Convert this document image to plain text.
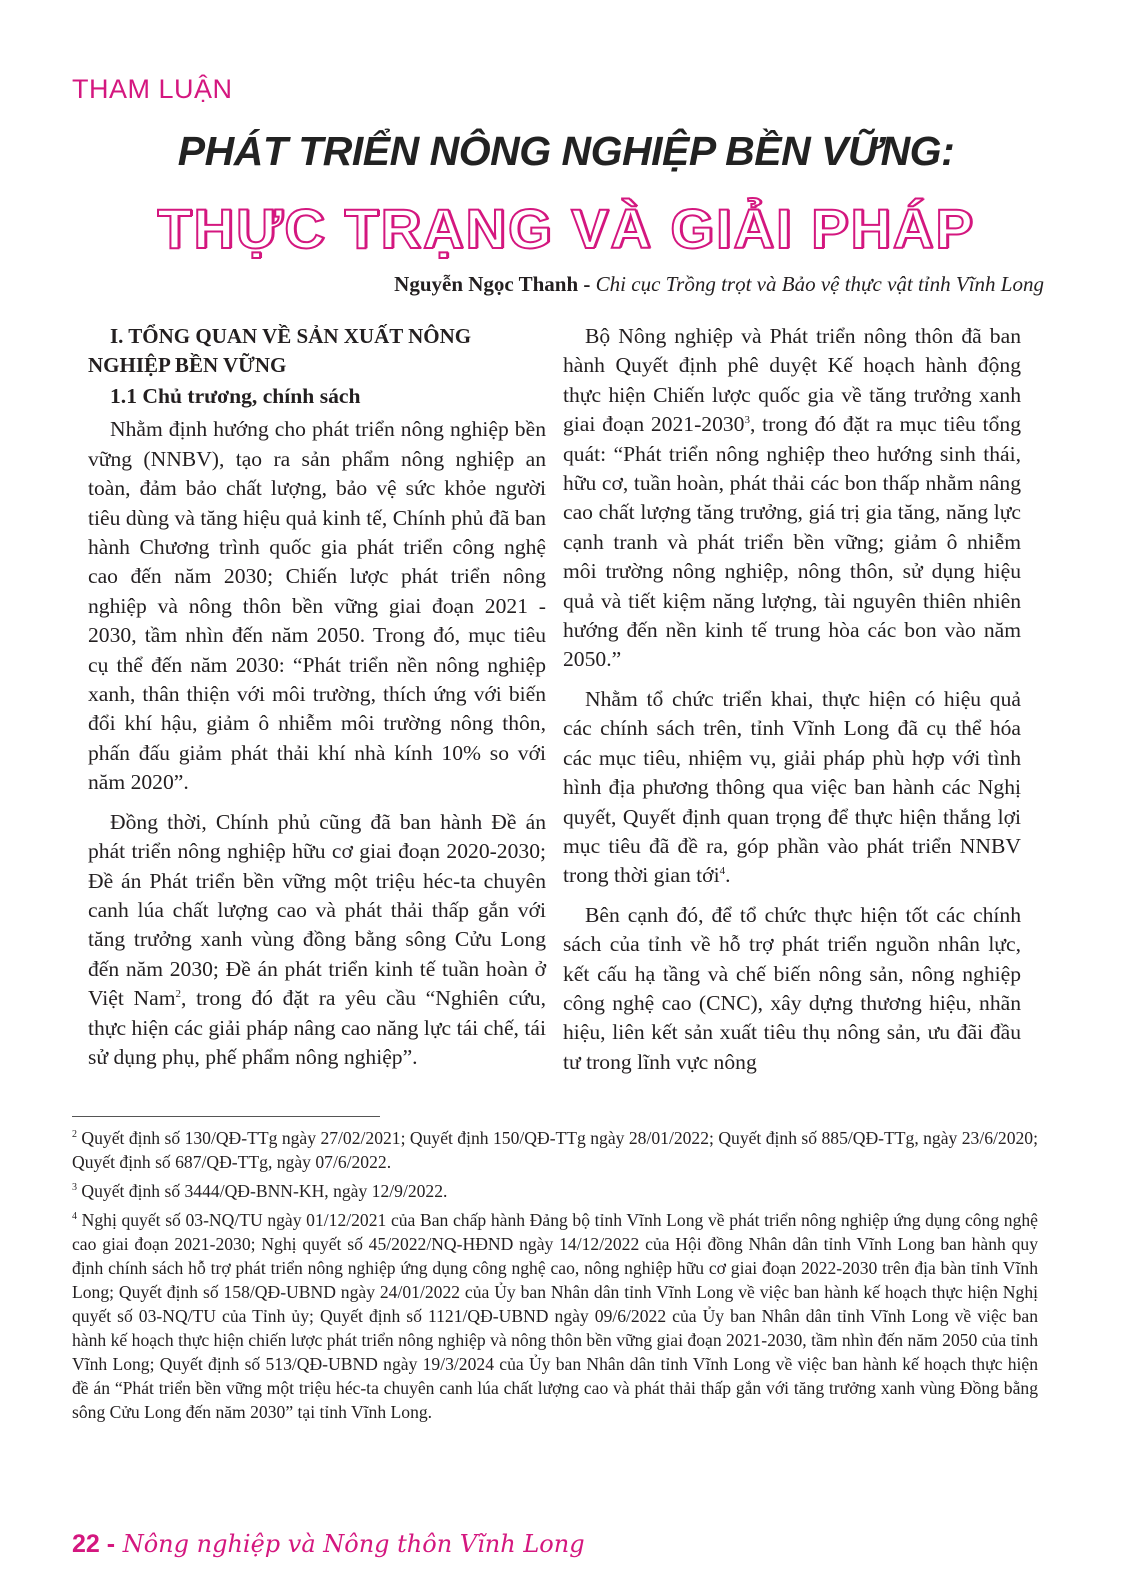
THAM LUẬN
PHÁT TRIỂN NÔNG NGHIỆP BỀN VỮNG:
THỰC TRẠNG VÀ GIẢI PHÁP
Nguyễn Ngọc Thanh - Chi cục Trồng trọt và Bảo vệ thực vật tỉnh Vĩnh Long
I. TỔNG QUAN VỀ SẢN XUẤT NÔNG NGHIỆP BỀN VỮNG
1.1 Chủ trương, chính sách

Nhằm định hướng cho phát triển nông nghiệp bền vững (NNBV), tạo ra sản phẩm nông nghiệp an toàn, đảm bảo chất lượng, bảo vệ sức khỏe người tiêu dùng và tăng hiệu quả kinh tế, Chính phủ đã ban hành Chương trình quốc gia phát triển công nghệ cao đến năm 2030; Chiến lược phát triển nông nghiệp và nông thôn bền vững giai đoạn 2021 - 2030, tầm nhìn đến năm 2050. Trong đó, mục tiêu cụ thể đến năm 2030: “Phát triển nền nông nghiệp xanh, thân thiện với môi trường, thích ứng với biến đổi khí hậu, giảm ô nhiễm môi trường nông thôn, phấn đấu giảm phát thải khí nhà kính 10% so với năm 2020”.

Đồng thời, Chính phủ cũng đã ban hành Đề án phát triển nông nghiệp hữu cơ giai đoạn 2020-2030; Đề án Phát triển bền vững một triệu héc-ta chuyên canh lúa chất lượng cao và phát thải thấp gắn với tăng trưởng xanh vùng đồng bằng sông Cửu Long đến năm 2030; Đề án phát triển kinh tế tuần hoàn ở Việt Nam$^2$, trong đó đặt ra yêu cầu “Nghiên cứu, thực hiện các giải pháp nâng cao năng lực tái chế, tái sử dụng phụ, phế phẩm nông nghiệp”.

Bộ Nông nghiệp và Phát triển nông thôn đã ban hành Quyết định phê duyệt Kế hoạch hành động thực hiện Chiến lược quốc gia về tăng trưởng xanh giai đoạn 2021-2030$^3$, trong đó đặt ra mục tiêu tổng quát: “Phát triển nông nghiệp theo hướng sinh thái, hữu cơ, tuần hoàn, phát thải các bon thấp nhằm nâng cao chất lượng tăng trưởng, giá trị gia tăng, năng lực cạnh tranh và phát triển bền vững; giảm ô nhiễm môi trường nông nghiệp, nông thôn, sử dụng hiệu quả và tiết kiệm năng lượng, tài nguyên thiên nhiên hướng đến nền kinh tế trung hòa các bon vào năm 2050.”

Nhằm tổ chức triển khai, thực hiện có hiệu quả các chính sách trên, tỉnh Vĩnh Long đã cụ thể hóa các mục tiêu, nhiệm vụ, giải pháp phù hợp với tình hình địa phương thông qua việc ban hành các Nghị quyết, Quyết định quan trọng để thực hiện thắng lợi mục tiêu đã đề ra, góp phần vào phát triển NNBV trong thời gian tới$^4$.

Bên cạnh đó, để tổ chức thực hiện tốt các chính sách của tỉnh về hỗ trợ phát triển nguồn nhân lực, kết cấu hạ tầng và chế biến nông sản, nông nghiệp công nghệ cao (CNC), xây dựng thương hiệu, nhãn hiệu, liên kết sản xuất tiêu thụ nông sản, ưu đãi đầu tư trong lĩnh vực nông

$^2$ Quyết định số 130/QĐ-TTg ngày 27/02/2021; Quyết định 150/QĐ-TTg ngày 28/01/2022; Quyết định số 885/QĐ-TTg, ngày 23/6/2020; Quyết định số 687/QĐ-TTg, ngày 07/6/2022.
$^3$ Quyết định số 3444/QĐ-BNN-KH, ngày 12/9/2022.
$^4$ Nghị quyết số 03-NQ/TU ngày 01/12/2021 của Ban chấp hành Đảng bộ tỉnh Vĩnh Long về phát triển nông nghiệp ứng dụng công nghệ cao giai đoạn 2021-2030; Nghị quyết số 45/2022/NQ-HĐND ngày 14/12/2022 của Hội đồng Nhân dân tỉnh Vĩnh Long ban hành quy định chính sách hỗ trợ phát triển nông nghiệp ứng dụng công nghệ cao, nông nghiệp hữu cơ giai đoạn 2022-2030 trên địa bàn tỉnh Vĩnh Long; Quyết định số 158/QĐ-UBND ngày 24/01/2022 của Ủy ban Nhân dân tỉnh Vĩnh Long về việc ban hành kế hoạch thực hiện Nghị quyết số 03-NQ/TU của Tỉnh ủy; Quyết định số 1121/QĐ-UBND ngày 09/6/2022 của Ủy ban Nhân dân tỉnh Vĩnh Long về việc ban hành kế hoạch thực hiện chiến lược phát triển nông nghiệp và nông thôn bền vững giai đoạn 2021-2030, tầm nhìn đến năm 2050 của tỉnh Vĩnh Long; Quyết định số 513/QĐ-UBND ngày 19/3/2024 của Ủy ban Nhân dân tỉnh Vĩnh Long về việc ban hành kế hoạch thực hiện đề án “Phát triển bền vững một triệu héc-ta chuyên canh lúa chất lượng cao và phát thải thấp gắn với tăng trưởng xanh vùng Đồng bằng sông Cửu Long đến năm 2030” tại tỉnh Vĩnh Long.
22 - Nông nghiệp và Nông thôn Vĩnh Long
